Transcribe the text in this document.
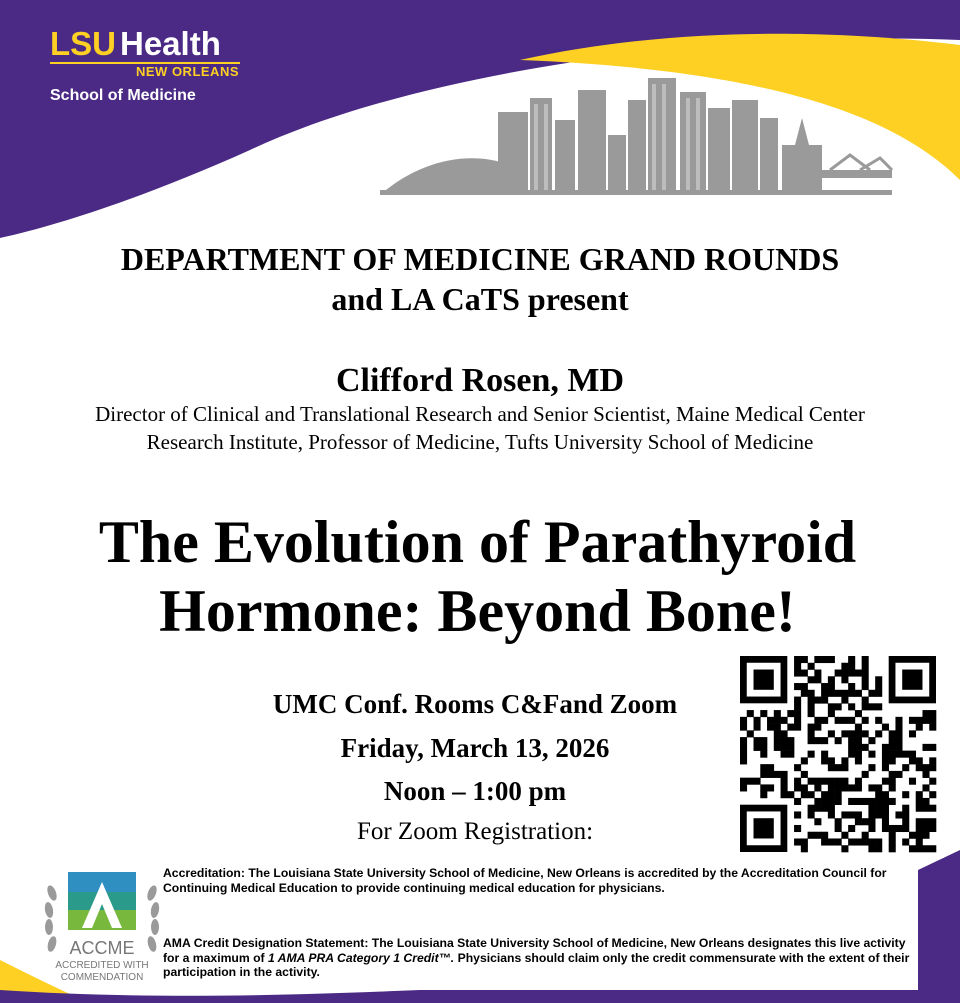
LSU Health
NEW ORLEANS
School of Medicine
DEPARTMENT OF MEDICINE GRAND ROUNDS
and LA CaTS present
Clifford Rosen, MD
Director of Clinical and Translational Research and Senior Scientist, Maine Medical Center
Research Institute, Professor of Medicine, Tufts University School of Medicine
The Evolution of Parathyroid
Hormone: Beyond Bone!
UMC Conf. Rooms C&Fand Zoom
Friday, March 13, 2026
Noon – 1:00 pm
For Zoom Registration:
ACCME
ACCREDITED WITH
COMMENDATION
Accreditation: The Louisiana State University School of Medicine, New Orleans is accredited by the Accreditation Council for Continuing Medical Education to provide continuing medical education for physicians.
AMA Credit Designation Statement: The Louisiana State University School of Medicine, New Orleans designates this live activity for a maximum of 1 AMA PRA Category 1 Credit™. Physicians should claim only the credit commensurate with the extent of their participation in the activity.
